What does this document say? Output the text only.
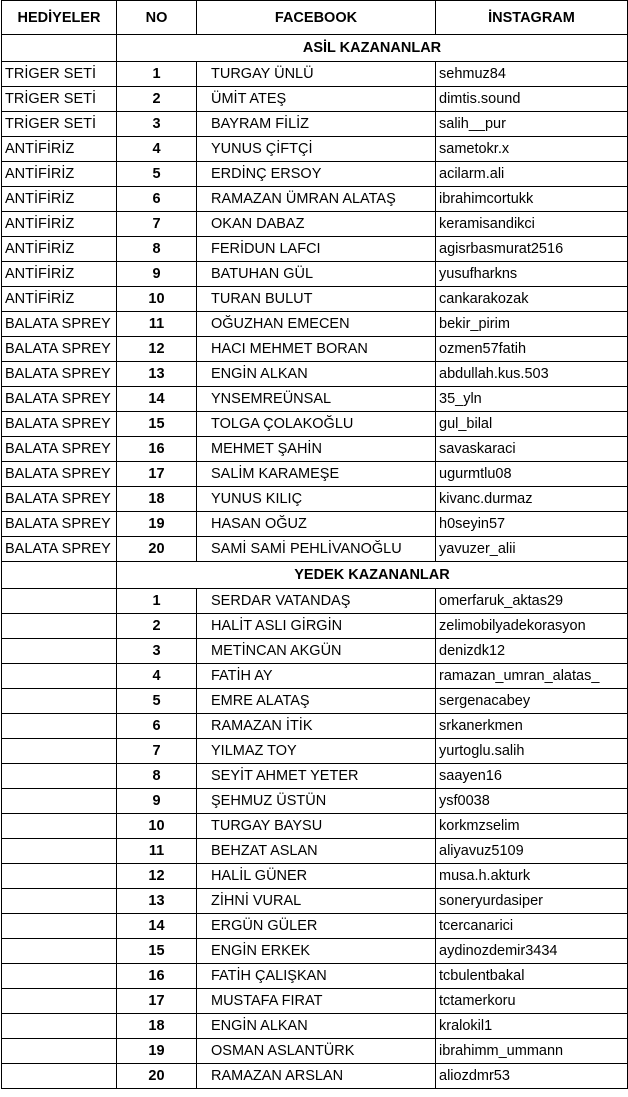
HEDİYELER	NO	FACEBOOK	İNSTAGRAM
	ASİL KAZANANLAR		
TRİGER SETİ	1	TURGAY ÜNLÜ	sehmuz84
TRİGER SETİ	2	ÜMİT ATEŞ	dimtis.sound
TRİGER SETİ	3	BAYRAM FİLİZ	salih__pur
ANTİFİRİZ	4	YUNUS ÇİFTÇİ	sametokr.x
ANTİFİRİZ	5	ERDİNÇ ERSOY	acilarm.ali
ANTİFİRİZ	6	RAMAZAN ÜMRAN ALATAŞ	ibrahimcortukk
ANTİFİRİZ	7	OKAN DABAZ	keramisandikci
ANTİFİRİZ	8	FERİDUN LAFCI	agisrbasmurat2516
ANTİFİRİZ	9	BATUHAN GÜL	yusufharkns
ANTİFİRİZ	10	TURAN BULUT	cankarakozak
BALATA SPREY	11	OĞUZHAN EMECEN	bekir_pirim
BALATA SPREY	12	HACI MEHMET BORAN	ozmen57fatih
BALATA SPREY	13	ENGİN ALKAN	abdullah.kus.503
BALATA SPREY	14	YNSEMREÜNSAL	35_yln
BALATA SPREY	15	TOLGA ÇOLAKOĞLU	gul_bilal
BALATA SPREY	16	MEHMET ŞAHİN	savaskaraci
BALATA SPREY	17	SALİM KARAMEŞE	ugurmtlu08
BALATA SPREY	18	YUNUS KILIÇ	kivanc.durmaz
BALATA SPREY	19	HASAN OĞUZ	h0seyin57
BALATA SPREY	20	SAMİ SAMİ PEHLİVANOĞLU	yavuzer_alii
	YEDEK KAZANANLAR		
	1	SERDAR VATANDAŞ	omerfaruk_aktas29
	2	HALİT ASLI GİRGİN	zelimobilyadekorasyon
	3	METİNCAN AKGÜN	denizdk12
	4	FATİH AY	ramazan_umran_alatas_
	5	EMRE ALATAŞ	sergenacabey
	6	RAMAZAN İTİK	srkanerkmen
	7	YILMAZ TOY	yurtoglu.salih
	8	SEYİT AHMET YETER	saayen16
	9	ŞEHMUZ ÜSTÜN	ysf0038
	10	TURGAY BAYSU	korkmzselim
	11	BEHZAT ASLAN	aliyavuz5109
	12	HALİL GÜNER	musa.h.akturk
	13	ZİHNİ VURAL	soneryurdasiper
	14	ERGÜN GÜLER	tcercanarici
	15	ENGİN ERKEK	aydinozdemir3434
	16	FATİH ÇALIŞKAN	tcbulentbakal
	17	MUSTAFA FIRAT	tctamerkoru
	18	ENGİN ALKAN	kralokil1
	19	OSMAN ASLANTÜRK	ibrahimm_ummann
	20	RAMAZAN ARSLAN	aliozdmr53
